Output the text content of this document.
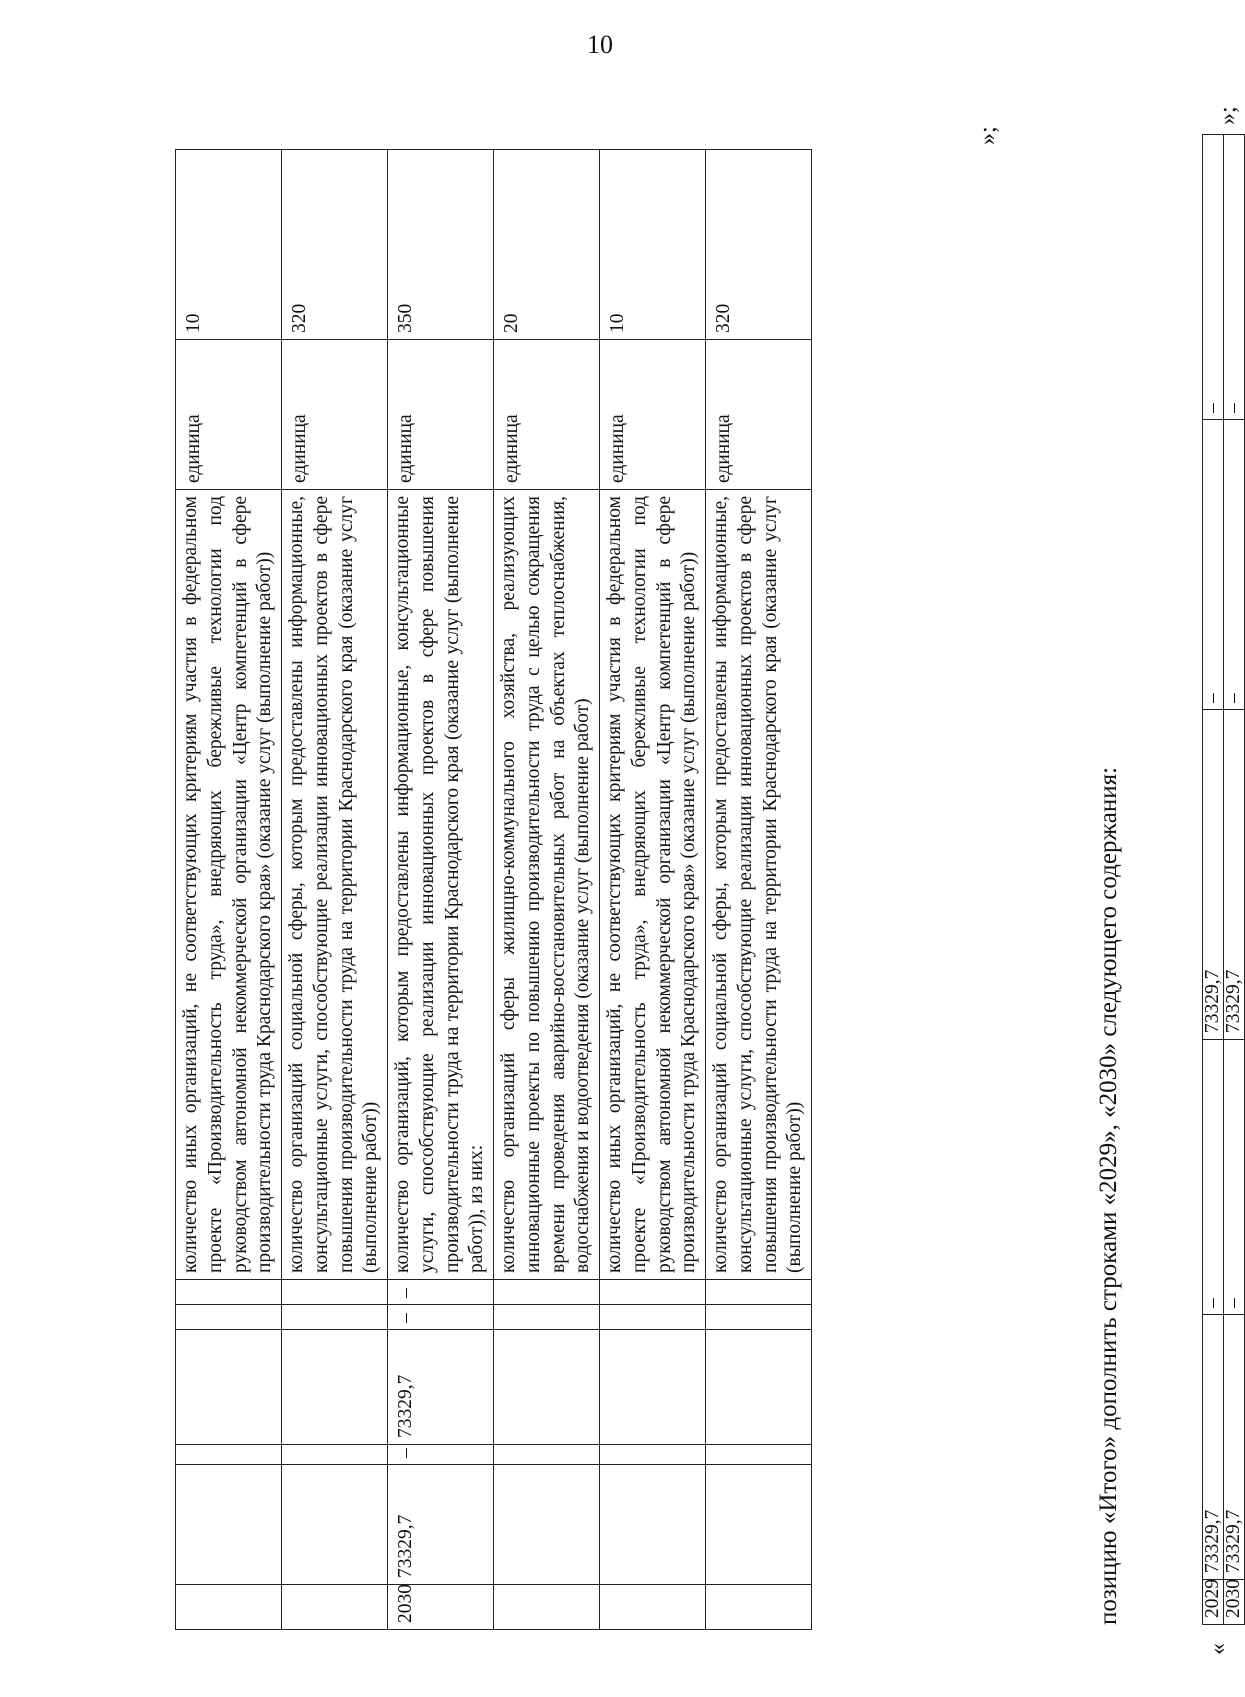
10
						количество иных организаций, не соответствующих критериям участия в федеральном проекте «Производительность труда», внедряющих бережливые технологии под руководством автономной некоммерческой организации «Центр компетенций в сфере производительности труда Краснодарского края» (оказание услуг (выполнение работ))	единица	10
						количество организаций социальной сферы, которым предоставлены информационные, консультационные услуги, способствующие реализации инновационных проектов в сфере повышения производительности труда на территории Краснодарского края (оказание услуг (выполнение работ))	единица	320
2030	73329,7	–	73329,7	–	–	количество организаций, которым предоставлены информационные, консультационные услуги, способствующие реализации инновационных проектов в сфере повышения производительности труда на территории Краснодарского края (оказание услуг (выполнение работ)), из них:	единица	350
						количество организаций сферы жилищно-коммунального хозяйства, реализующих инновационные проекты по повышению производительности труда с целью сокращения времени проведения аварийно-восстановительных работ на объектах теплоснабжения, водоснабжения и водоотведения (оказание услуг (выполнение работ)	единица	20
						количество иных организаций, не соответствующих критериям участия в федеральном проекте «Производительность труда», внедряющих бережливые технологии под руководством автономной некоммерческой организации «Центр компетенций в сфере производительности труда Краснодарского края» (оказание услуг (выполнение работ))	единица	10
						количество организаций социальной сферы, которым предоставлены информационные, консультационные услуги, способствующие реализации инновационных проектов в сфере повышения производительности труда на территории Краснодарского края (оказание услуг (выполнение работ))	единица	320
»;
позицию «Итого» дополнить строками «2029», «2030» следующего содержания:
«
2029	73329,7	–	73329,7	–	–
2030	73329,7	–	73329,7	–	–
»;
